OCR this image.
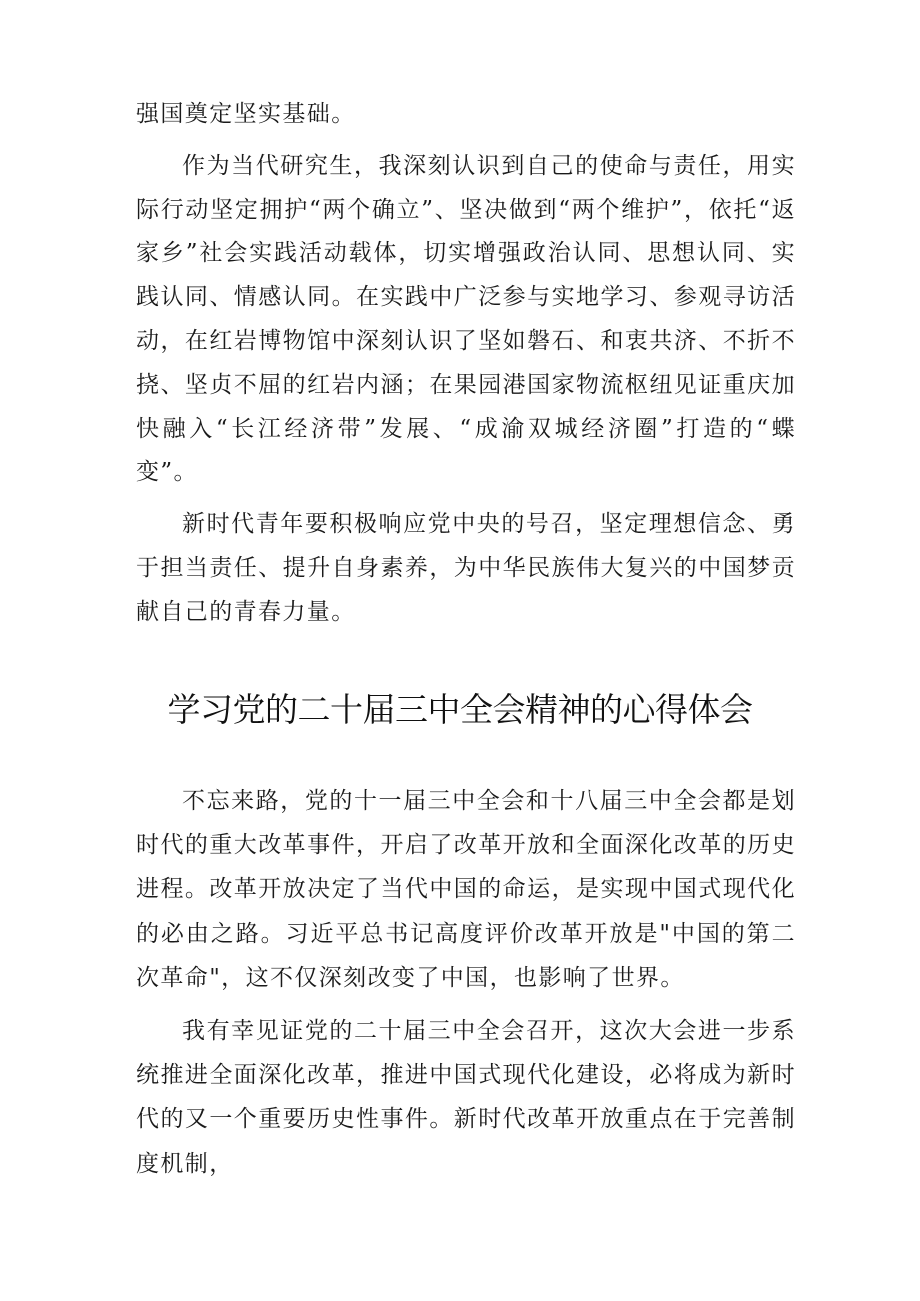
强国奠定坚实基础。

作为当代研究生，我深刻认识到自己的使命与责任，用实际行动坚定拥护“两个确立”、坚决做到“两个维护”，依托“返家乡”社会实践活动载体，切实增强政治认同、思想认同、实践认同、情感认同。在实践中广泛参与实地学习、参观寻访活动，在红岩博物馆中深刻认识了坚如磐石、和衷共济、不折不挠、坚贞不屈的红岩内涵；在果园港国家物流枢纽见证重庆加快融入“长江经济带”发展、“成渝双城经济圈”打造的“蝶变”。

新时代青年要积极响应党中央的号召，坚定理想信念、勇于担当责任、提升自身素养，为中华民族伟大复兴的中国梦贡献自己的青春力量。

学习党的二十届三中全会精神的心得体会

不忘来路，党的十一届三中全会和十八届三中全会都是划时代的重大改革事件，开启了改革开放和全面深化改革的历史进程。改革开放决定了当代中国的命运，是实现中国式现代化的必由之路。习近平总书记高度评价改革开放是"中国的第二次革命"，这不仅深刻改变了中国，也影响了世界。

我有幸见证党的二十届三中全会召开，这次大会进一步系统推进全面深化改革，推进中国式现代化建设，必将成为新时代的又一个重要历史性事件。新时代改革开放重点在于完善制度机制，
